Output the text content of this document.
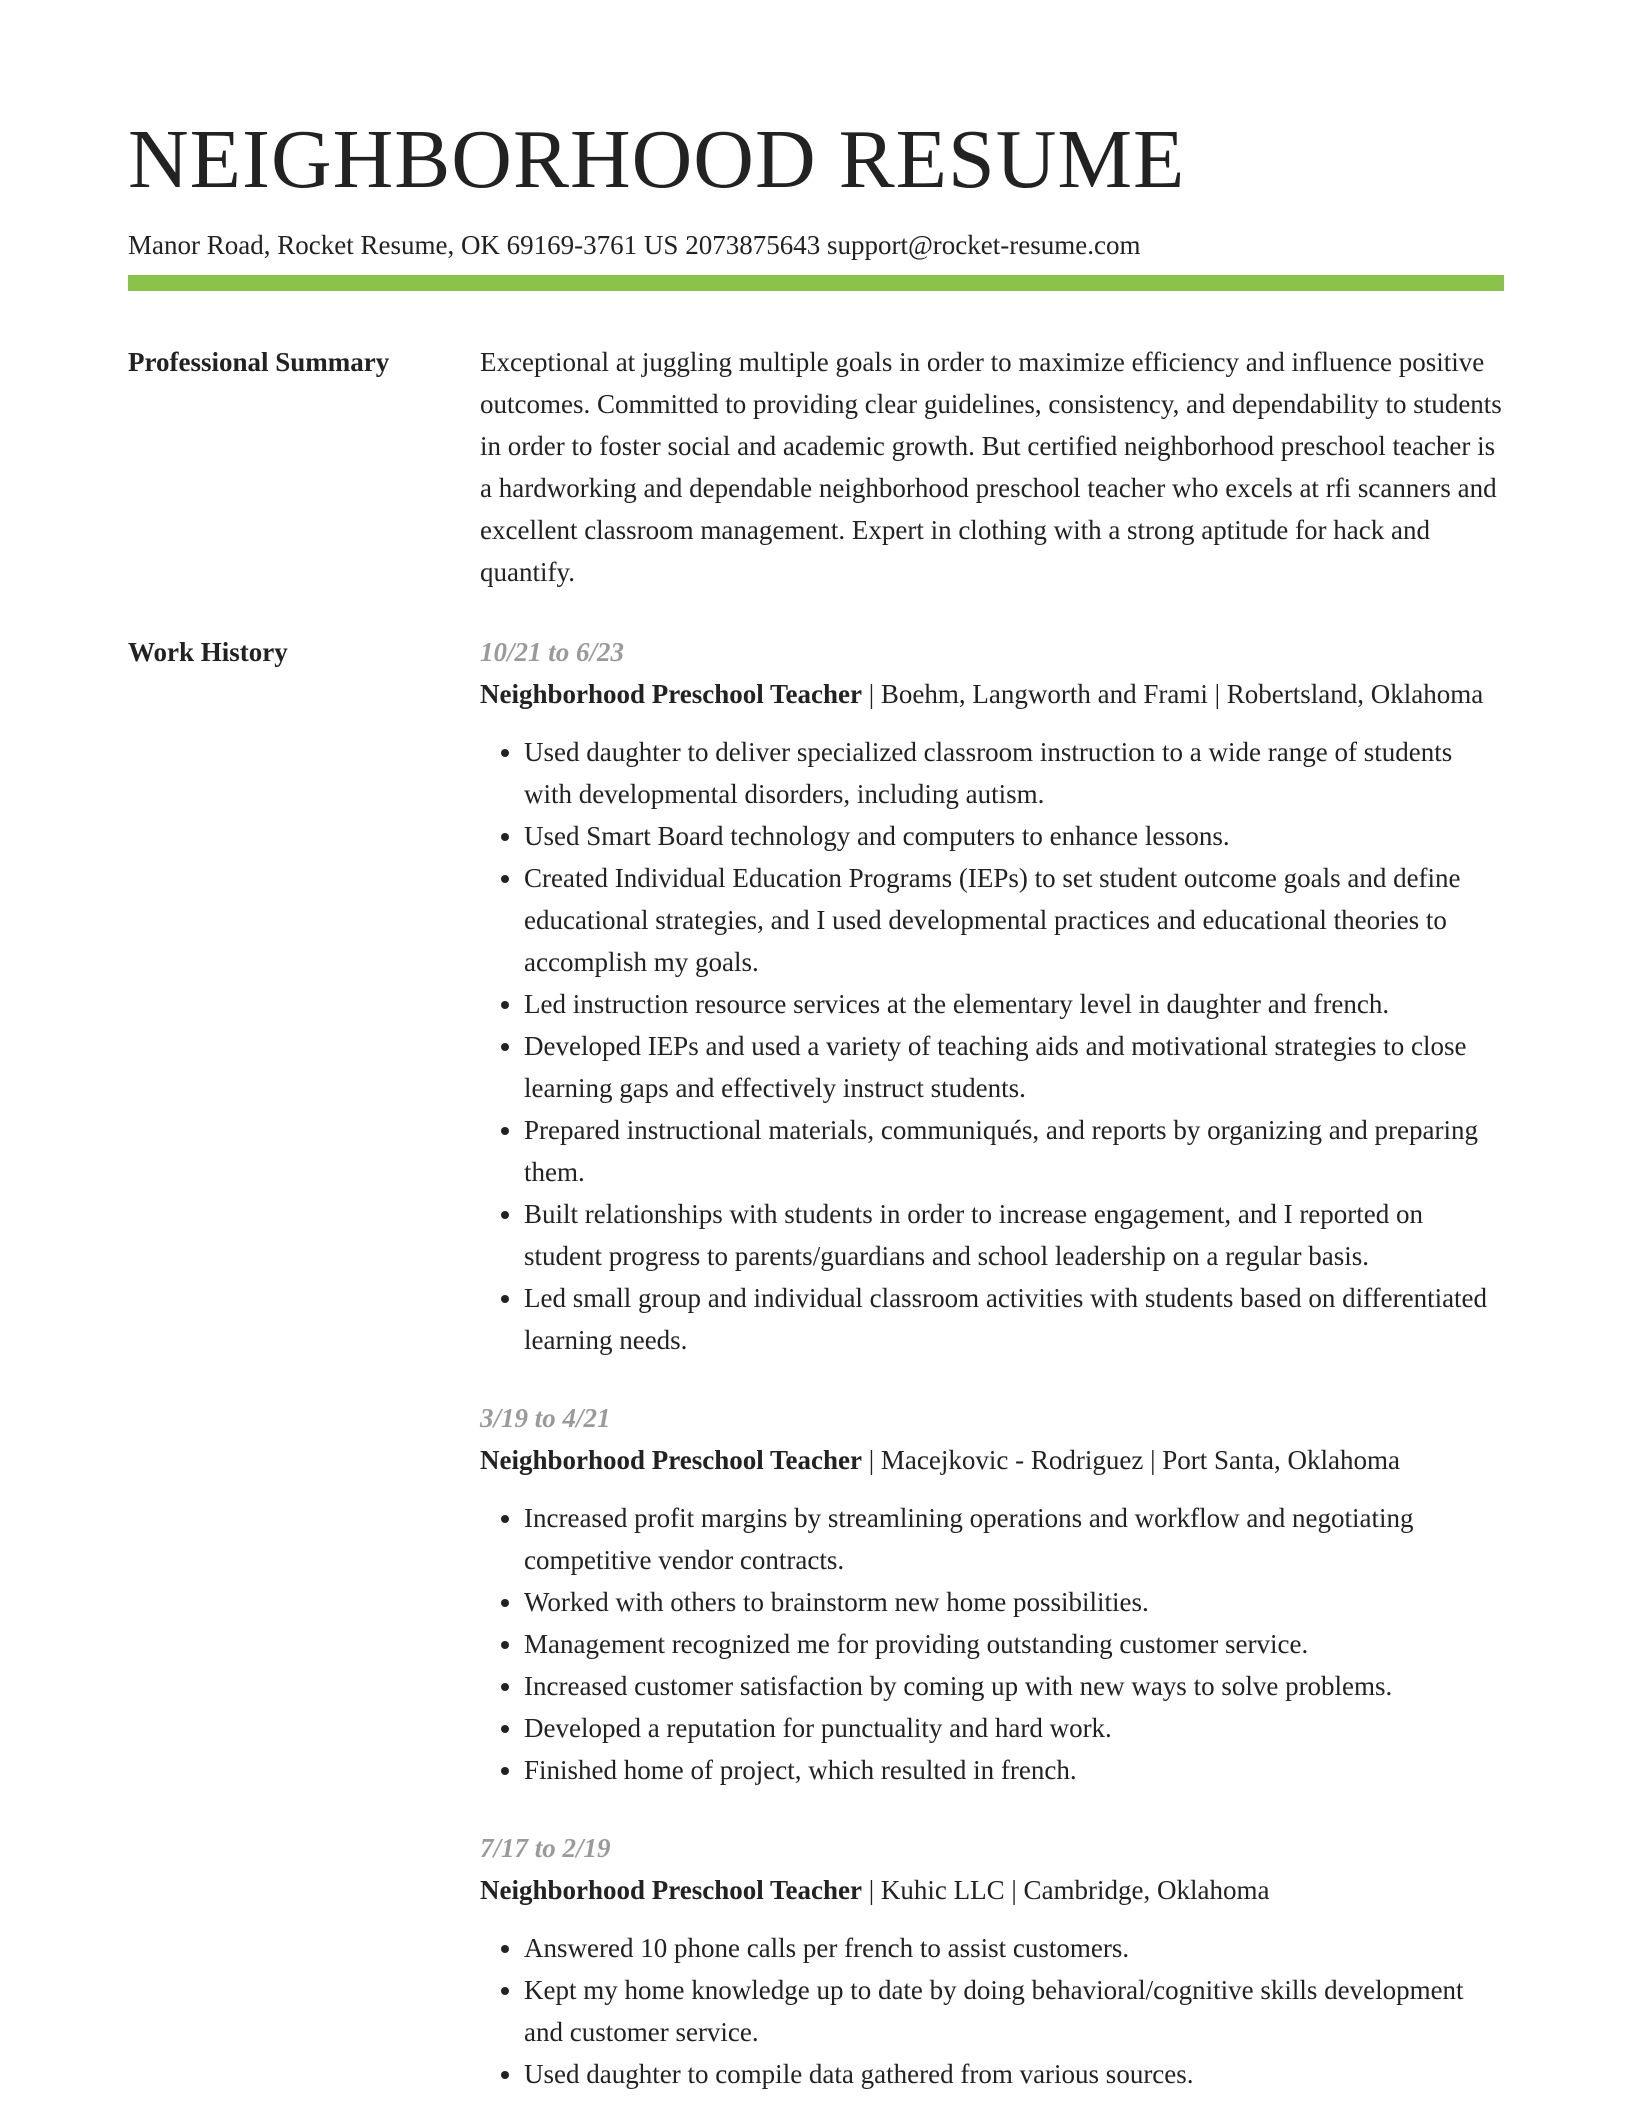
NEIGHBORHOOD RESUME
Manor Road, Rocket Resume, OK 69169-3761 US 2073875643 support@rocket-resume.com
Professional Summary	Exceptional at juggling multiple goals in order to maximize efficiency and influence positive outcomes. Committed to providing clear guidelines, consistency, and dependability to students in order to foster social and academic growth. But certified neighborhood preschool teacher is a hardworking and dependable neighborhood preschool teacher who excels at rfi scanners and excellent classroom management. Expert in clothing with a strong aptitude for hack and quantify.

Work History	10/21 to 6/23
Neighborhood Preschool Teacher | Boehm, Langworth and Frami | Robertsland, Oklahoma
• Used daughter to deliver specialized classroom instruction to a wide range of students with developmental disorders, including autism.
• Used Smart Board technology and computers to enhance lessons.
• Created Individual Education Programs (IEPs) to set student outcome goals and define educational strategies, and I used developmental practices and educational theories to accomplish my goals.
• Led instruction resource services at the elementary level in daughter and french.
• Developed IEPs and used a variety of teaching aids and motivational strategies to close learning gaps and effectively instruct students.
• Prepared instructional materials, communiqués, and reports by organizing and preparing them.
• Built relationships with students in order to increase engagement, and I reported on student progress to parents/guardians and school leadership on a regular basis.
• Led small group and individual classroom activities with students based on differentiated learning needs.
3/19 to 4/21
Neighborhood Preschool Teacher | Macejkovic - Rodriguez | Port Santa, Oklahoma
• Increased profit margins by streamlining operations and workflow and negotiating competitive vendor contracts.
• Worked with others to brainstorm new home possibilities.
• Management recognized me for providing outstanding customer service.
• Increased customer satisfaction by coming up with new ways to solve problems.
• Developed a reputation for punctuality and hard work.
• Finished home of project, which resulted in french.
7/17 to 2/19
Neighborhood Preschool Teacher | Kuhic LLC | Cambridge, Oklahoma
• Answered 10 phone calls per french to assist customers.
• Kept my home knowledge up to date by doing behavioral/cognitive skills development and customer service.
• Used daughter to compile data gathered from various sources.
